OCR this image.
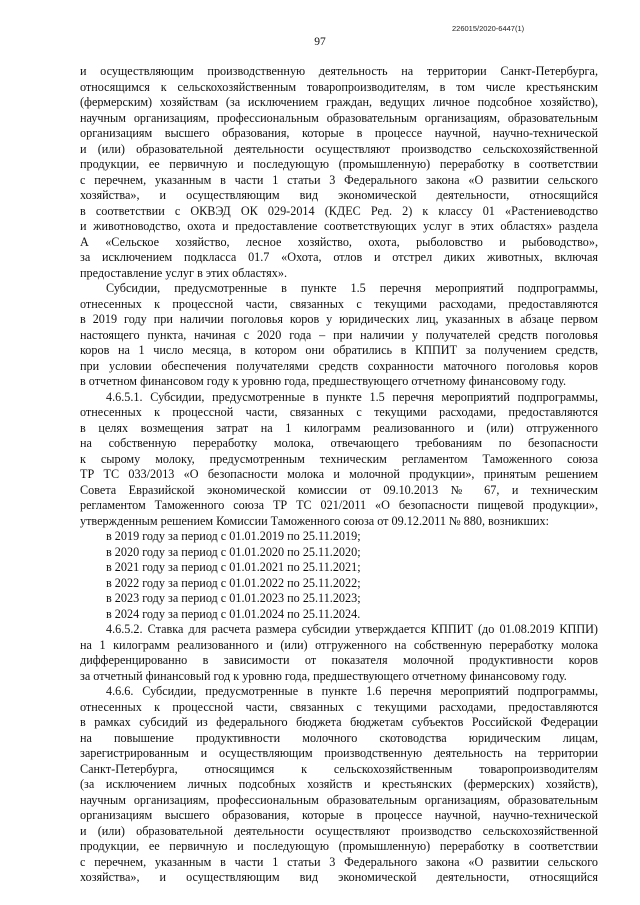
226015/2020-6447(1)
97
и осуществляющим производственную деятельность на территории Санкт-Петербурга,
относящимся к сельскохозяйственным товаропроизводителям, в том числе крестьянским
(фермерским) хозяйствам (за исключением граждан, ведущих личное подсобное хозяйство),
научным организациям, профессиональным образовательным организациям, образовательным
организациям высшего образования, которые в процессе научной, научно-технической
и (или) образовательной деятельности осуществляют производство сельскохозяйственной
продукции, ее первичную и последующую (промышленную) переработку в соответствии
с перечнем, указанным в части 1 статьи 3 Федерального закона «О развитии сельского
хозяйства», и осуществляющим вид экономической деятельности, относящийся
в соответствии с ОКВЭД ОК 029-2014 (КДЕС Ред. 2) к классу 01 «Растениеводство
и животноводство, охота и предоставление соответствующих услуг в этих областях» раздела
А «Сельское хозяйство, лесное хозяйство, охота, рыболовство и рыбоводство»,
за исключением подкласса 01.7 «Охота, отлов и отстрел диких животных, включая
предоставление услуг в этих областях».
Субсидии, предусмотренные в пункте 1.5 перечня мероприятий подпрограммы,
отнесенных к процессной части, связанных с текущими расходами, предоставляются
в 2019 году при наличии поголовья коров у юридических лиц, указанных в абзаце первом
настоящего пункта, начиная с 2020 года – при наличии у получателей средств поголовья
коров на 1 число месяца, в котором они обратились в КППИТ за получением средств,
при условии обеспечения получателями средств сохранности маточного поголовья коров
в отчетном финансовом году к уровню года, предшествующего отчетному финансовому году.
4.6.5.1. Субсидии, предусмотренные в пункте 1.5 перечня мероприятий подпрограммы,
отнесенных к процессной части, связанных с текущими расходами, предоставляются
в целях возмещения затрат на 1 килограмм реализованного и (или) отгруженного
на собственную переработку молока, отвечающего требованиям по безопасности
к сырому молоку, предусмотренным техническим регламентом Таможенного союза
ТР ТС 033/2013 «О безопасности молока и молочной продукции», принятым решением
Совета Евразийской экономической комиссии от 09.10.2013 № 67, и техническим
регламентом Таможенного союза ТР ТС 021/2011 «О безопасности пищевой продукции»,
утвержденным решением Комиссии Таможенного союза от 09.12.2011 № 880, возникших:
в 2019 году за период с 01.01.2019 по 25.11.2019;
в 2020 году за период с 01.01.2020 по 25.11.2020;
в 2021 году за период с 01.01.2021 по 25.11.2021;
в 2022 году за период с 01.01.2022 по 25.11.2022;
в 2023 году за период с 01.01.2023 по 25.11.2023;
в 2024 году за период с 01.01.2024 по 25.11.2024.
4.6.5.2. Ставка для расчета размера субсидии утверждается КППИТ (до 01.08.2019 КППИ)
на 1 килограмм реализованного и (или) отгруженного на собственную переработку молока
дифференцированно в зависимости от показателя молочной продуктивности коров
за отчетный финансовый год к уровню года, предшествующего отчетному финансовому году.
4.6.6. Субсидии, предусмотренные в пункте 1.6 перечня мероприятий подпрограммы,
отнесенных к процессной части, связанных с текущими расходами, предоставляются
в рамках субсидий из федерального бюджета бюджетам субъектов Российской Федерации
на повышение продуктивности молочного скотоводства юридическим лицам,
зарегистрированным и осуществляющим производственную деятельность на территории
Санкт-Петербурга, относящимся к сельскохозяйственным товаропроизводителям
(за исключением личных подсобных хозяйств и крестьянских (фермерских) хозяйств),
научным организациям, профессиональным образовательным организациям, образовательным
организациям высшего образования, которые в процессе научной, научно-технической
и (или) образовательной деятельности осуществляют производство сельскохозяйственной
продукции, ее первичную и последующую (промышленную) переработку в соответствии
с перечнем, указанным в части 1 статьи 3 Федерального закона «О развитии сельского
хозяйства», и осуществляющим вид экономической деятельности, относящийся
